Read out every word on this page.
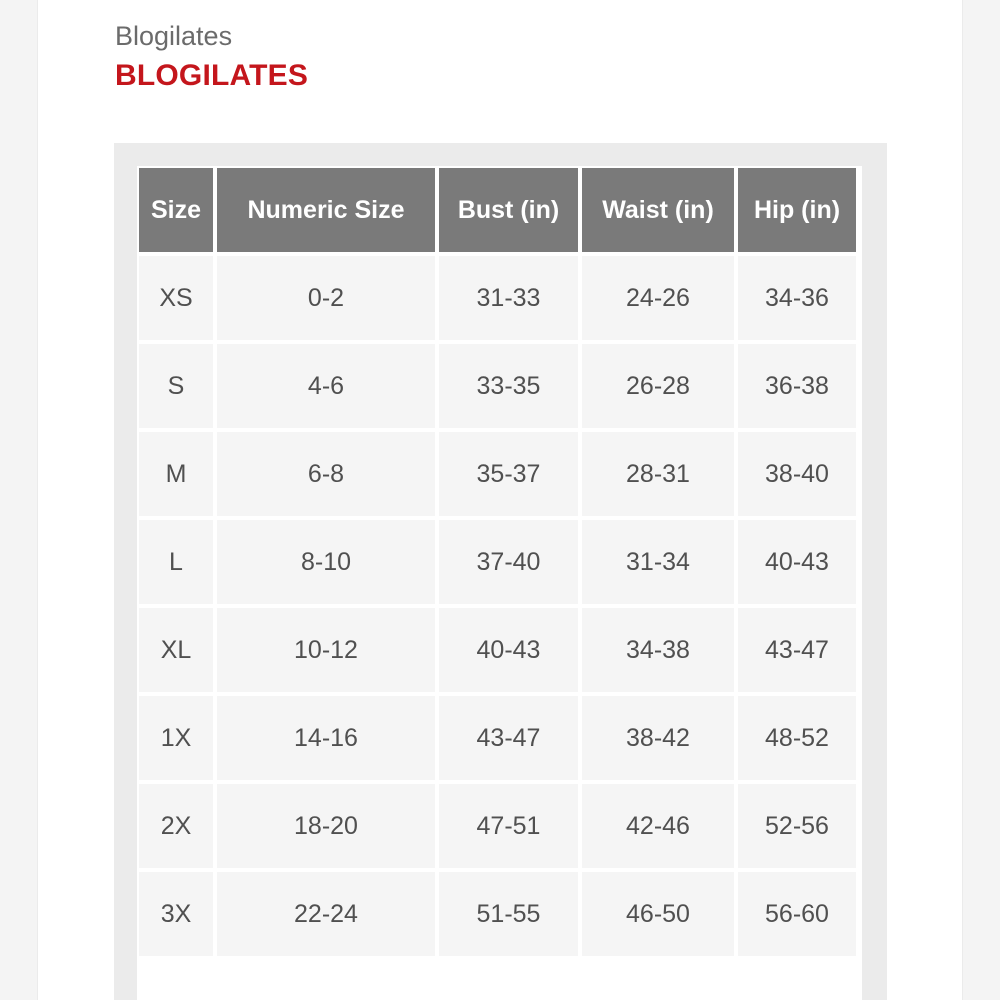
Blogilates
BLOGILATES
Size	Numeric Size	Bust (in)	Waist (in)	Hip (in)
XS	0-2	31-33	24-26	34-36
S	4-6	33-35	26-28	36-38
M	6-8	35-37	28-31	38-40
L	8-10	37-40	31-34	40-43
XL	10-12	40-43	34-38	43-47
1X	14-16	43-47	38-42	48-52
2X	18-20	47-51	42-46	52-56
3X	22-24	51-55	46-50	56-60
